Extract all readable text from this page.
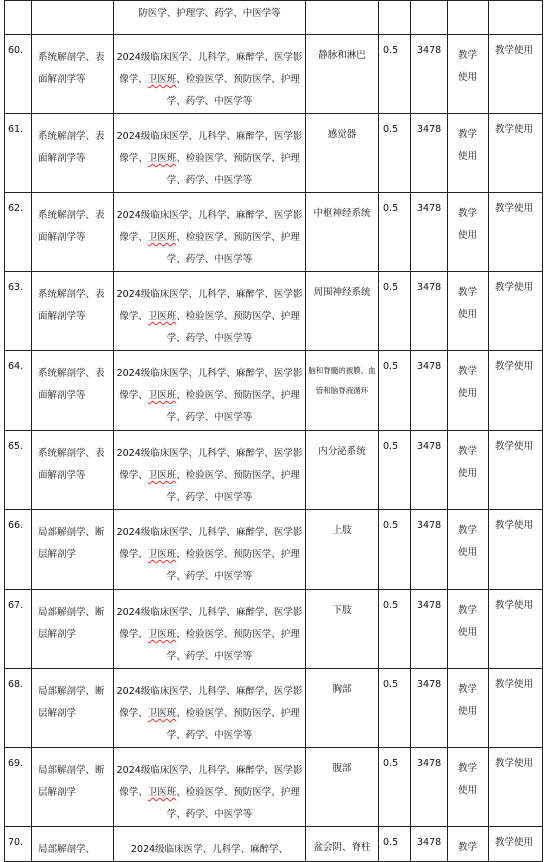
		防医学、护理学、药学、中医学等					
60.	系统解剖学、表面解剖学等	2024级临床医学、儿科学、麻醉学、医学影像学、卫医班、检验医学、预防医学、护理学、药学、中医学等	静脉和淋巴	0.5	3478	教学使用	教学使用
61.	系统解剖学、表面解剖学等	2024级临床医学、儿科学、麻醉学、医学影像学、卫医班、检验医学、预防医学、护理学、药学、中医学等	感觉器	0.5	3478	教学使用	教学使用
62.	系统解剖学、表面解剖学等	2024级临床医学、儿科学、麻醉学、医学影像学、卫医班、检验医学、预防医学、护理学、药学、中医学等	中枢神经系统	0.5	3478	教学使用	教学使用
63.	系统解剖学、表面解剖学等	2024级临床医学、儿科学、麻醉学、医学影像学、卫医班、检验医学、预防医学、护理学、药学、中医学等	周围神经系统	0.5	3478	教学使用	教学使用
64.	系统解剖学、表面解剖学等	2024级临床医学、儿科学、麻醉学、医学影像学、卫医班、检验医学、预防医学、护理学、药学、中医学等	脑和脊髓的被膜、血管和脑脊液循环	0.5	3478	教学使用	教学使用
65.	系统解剖学、表面解剖学等	2024级临床医学、儿科学、麻醉学、医学影像学、卫医班、检验医学、预防医学、护理学、药学、中医学等	内分泌系统	0.5	3478	教学使用	教学使用
66.	局部解剖学、断层解剖学	2024级临床医学、儿科学、麻醉学、医学影像学、卫医班、检验医学、预防医学、护理学、药学、中医学等	上肢	0.5	3478	教学使用	教学使用
67.	局部解剖学、断层解剖学	2024级临床医学、儿科学、麻醉学、医学影像学、卫医班、检验医学、预防医学、护理学、药学、中医学等	下肢	0.5	3478	教学使用	教学使用
68.	局部解剖学、断层解剖学	2024级临床医学、儿科学、麻醉学、医学影像学、卫医班、检验医学、预防医学、护理学、药学、中医学等	胸部	0.5	3478	教学使用	教学使用
69.	局部解剖学、断层解剖学	2024级临床医学、儿科学、麻醉学、医学影像学、卫医班、检验医学、预防医学、护理学、药学、中医学等	腹部	0.5	3478	教学使用	教学使用
70.	局部解剖学、	2024级临床医学、儿科学、麻醉学、	盆会阴、脊柱	0.5	3478	教学	教学使用
